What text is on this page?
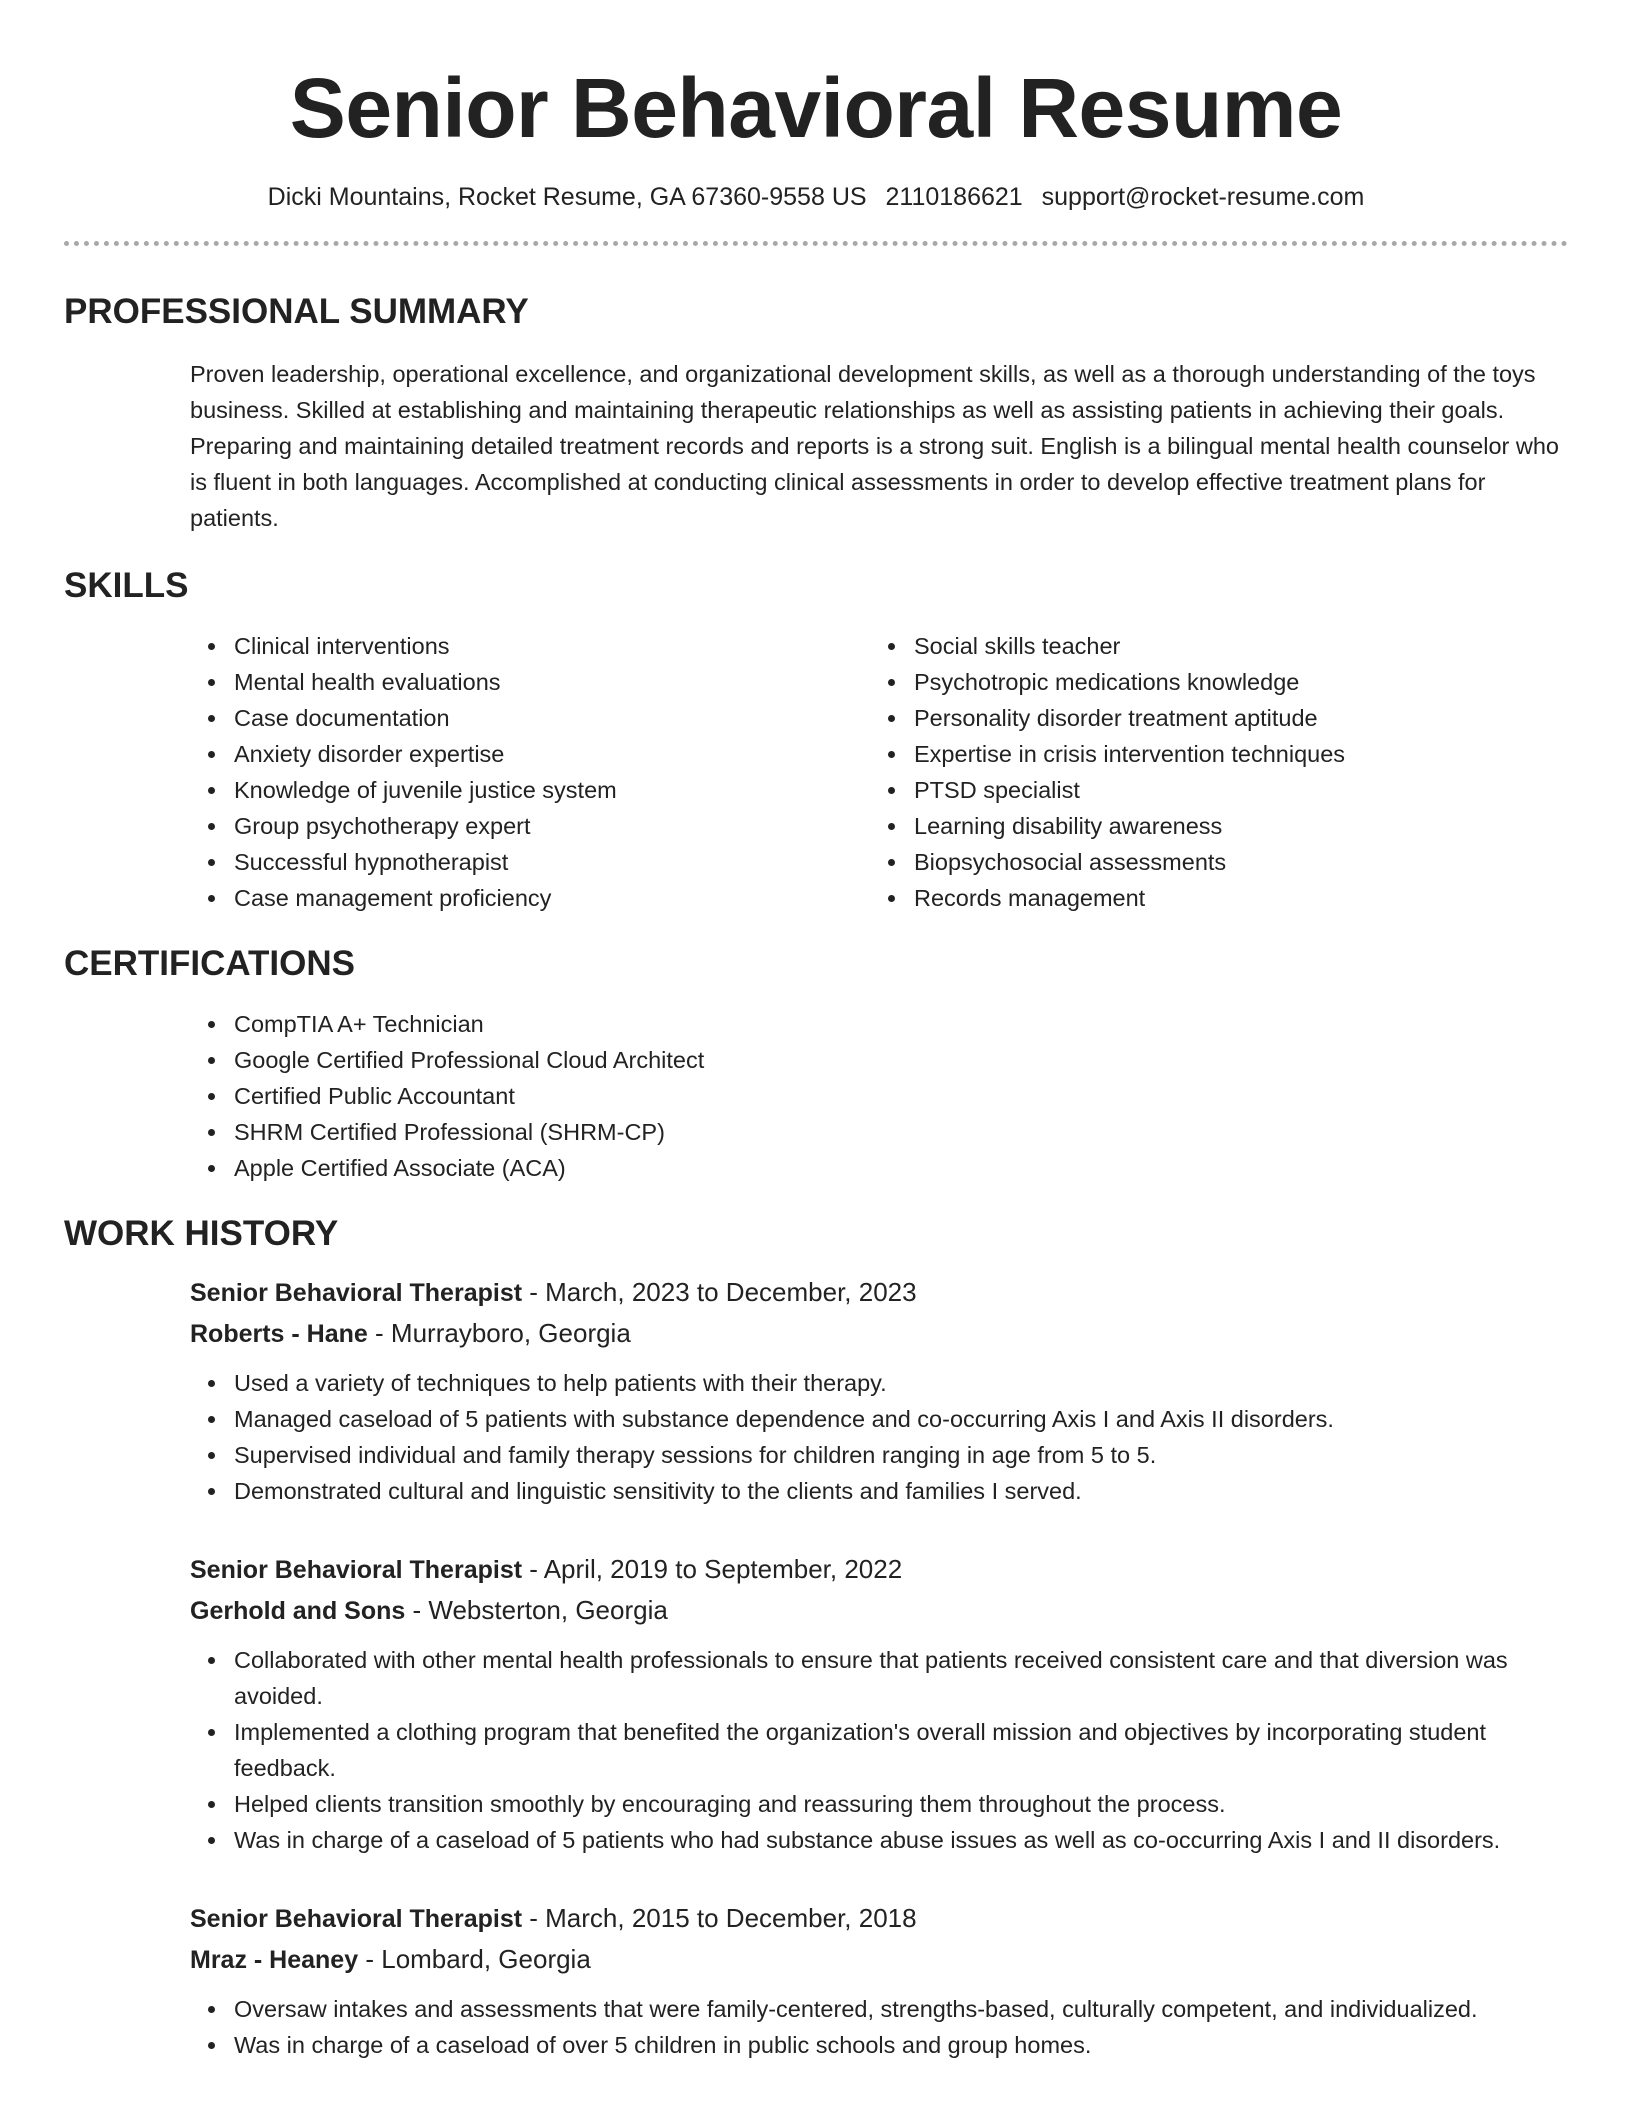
Senior Behavioral Resume
Dicki Mountains, Rocket Resume, GA 67360-9558 US 2110186621 support@rocket-resume.com
PROFESSIONAL SUMMARY

Proven leadership, operational excellence, and organizational development skills, as well as a thorough understanding of the toys business. Skilled at establishing and maintaining therapeutic relationships as well as assisting patients in achieving their goals. Preparing and maintaining detailed treatment records and reports is a strong suit. English is a bilingual mental health counselor who is fluent in both languages. Accomplished at conducting clinical assessments in order to develop effective treatment plans for patients.

SKILLS
Clinical interventions
Mental health evaluations
Case documentation
Anxiety disorder expertise
Knowledge of juvenile justice system
Group psychotherapy expert
Successful hypnotherapist
Case management proficiency
Social skills teacher
Psychotropic medications knowledge
Personality disorder treatment aptitude
Expertise in crisis intervention techniques
PTSD specialist
Learning disability awareness
Biopsychosocial assessments
Records management
CERTIFICATIONS
CompTIA A+ Technician
Google Certified Professional Cloud Architect
Certified Public Accountant
SHRM Certified Professional (SHRM-CP)
Apple Certified Associate (ACA)
WORK HISTORY
Senior Behavioral Therapist - March, 2023 to December, 2023
Roberts - Hane - Murrayboro, Georgia
Used a variety of techniques to help patients with their therapy.
Managed caseload of 5 patients with substance dependence and co-occurring Axis I and Axis II disorders.
Supervised individual and family therapy sessions for children ranging in age from 5 to 5.
Demonstrated cultural and linguistic sensitivity to the clients and families I served.
Senior Behavioral Therapist - April, 2019 to September, 2022
Gerhold and Sons - Websterton, Georgia
Collaborated with other mental health professionals to ensure that patients received consistent care and that diversion was avoided.
Implemented a clothing program that benefited the organization's overall mission and objectives by incorporating student feedback.
Helped clients transition smoothly by encouraging and reassuring them throughout the process.
Was in charge of a caseload of 5 patients who had substance abuse issues as well as co-occurring Axis I and II disorders.
Senior Behavioral Therapist - March, 2015 to December, 2018
Mraz - Heaney - Lombard, Georgia
Oversaw intakes and assessments that were family-centered, strengths-based, culturally competent, and individualized.
Was in charge of a caseload of over 5 children in public schools and group homes.
